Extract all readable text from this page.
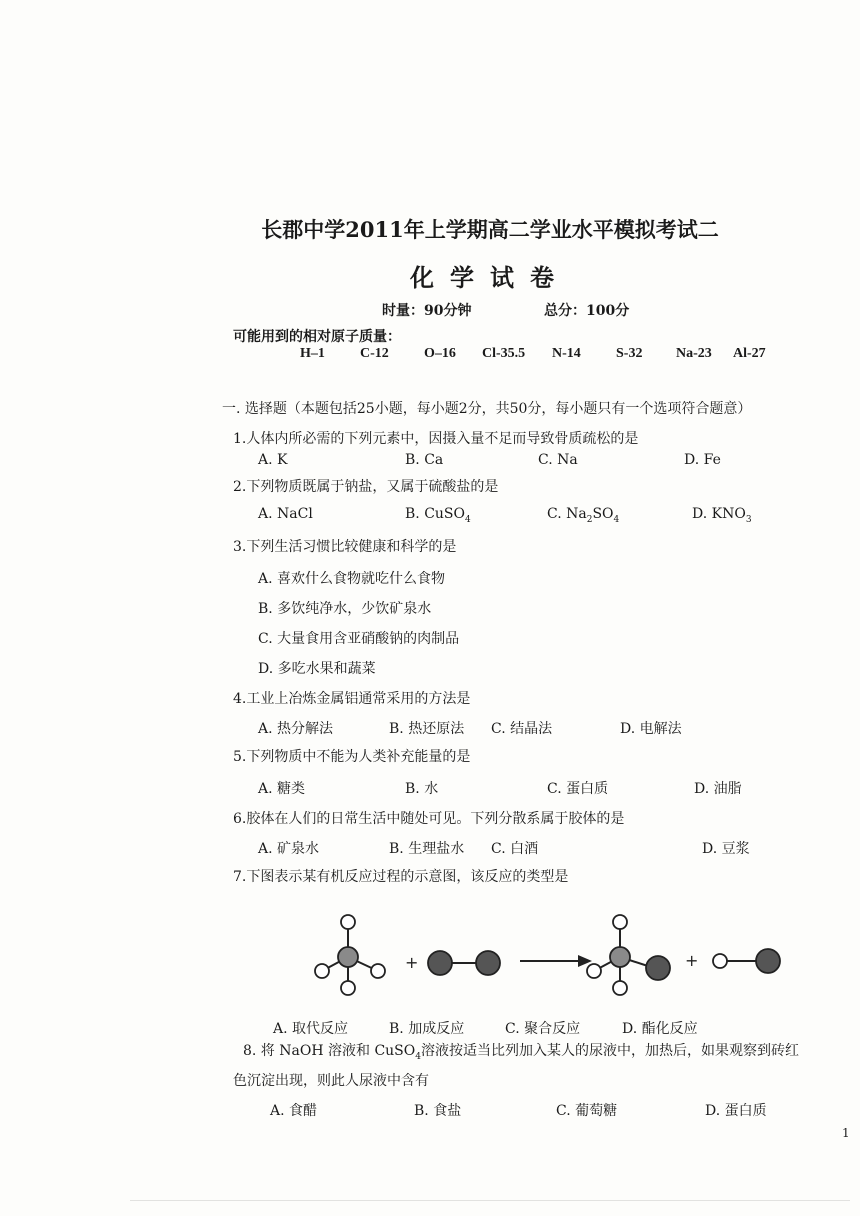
长郡中学2011年上学期高二学业水平模拟考试二
化学试卷
时量：90分钟	总分：100分
可能用到的相对原子质量：
H–1	C-12	O–16 Cl-35.5 N-14	S-32 Na-23 Al-27
一. 选择题（本题包括25小题，每小题2分，共50分，每小题只有一个选项符合题意）
1.人体内所必需的下列元素中，因摄入量不足而导致骨质疏松的是
A. K	B. Ca	C. Na	D. Fe
2.下列物质既属于钠盐，又属于硫酸盐的是
A. NaCl	B. CuSO$_4$	C. $Na_2SO_4$	D. $KNO_3$
3.下列生活习惯比较健康和科学的是
A. 喜欢什么食物就吃什么食物
B. 多饮纯净水，少饮矿泉水
C. 大量食用含亚硝酸钠的肉制品
D. 多吃水果和蔬菜
4.工业上冶炼金属铝通常采用的方法是
A. 热分解法	B. 热还原法 C. 结晶法	D. 电解法
5.下列物质中不能为人类补充能量的是
A. 糖类	B. 水	C. 蛋白质	D. 油脂
6.胶体在人们的日常生活中随处可见。下列分散系属于胶体的是
A. 矿泉水	B. 生理盐水 C. 白酒	D. 豆浆
7.下图表示某有机反应过程的示意图，该反应的类型是
+	+
A. 取代反应	B. 加成反应	C. 聚合反应	D. 酯化反应
8. 将 NaOH 溶液和 CuSO$_4$溶液按适当比列加入某人的尿液中，加热后，如果观察到砖红
色沉淀出现，则此人尿液中含有
A. 食醋	B. 食盐	C. 葡萄糖	D. 蛋白质
1
